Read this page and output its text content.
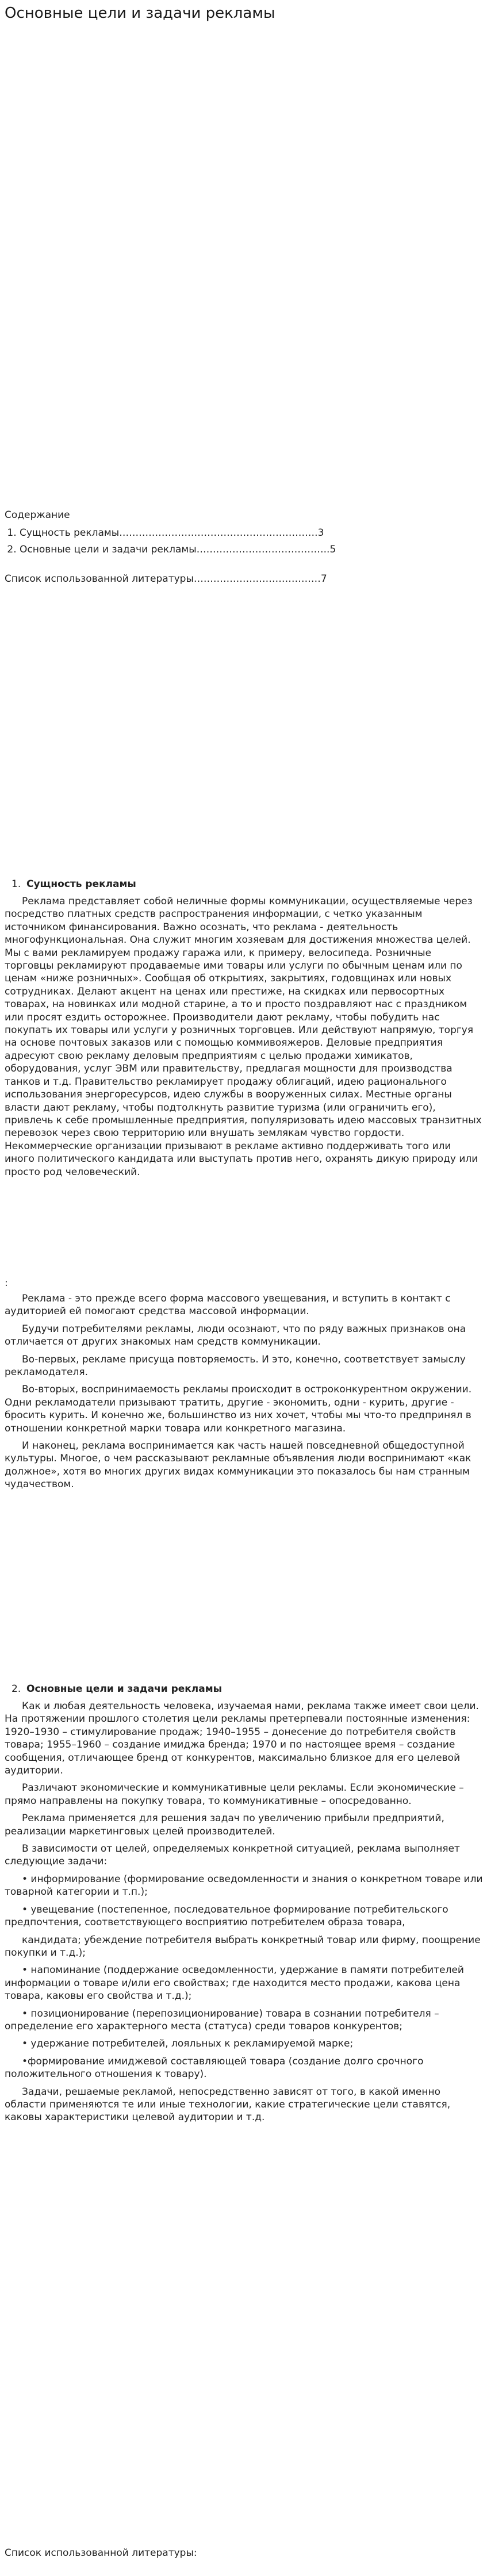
Основные цели и задачи рекламы
Содержание
1. Сущность рекламы…………………………………………………….3
2. Основные цели и задачи рекламы…………………………………..5
Список использованной литературы…………………………………7
1. Сущность рекламы

Реклама представляет собой неличные формы коммуникации, осуществляемые через посредство платных средств распространения информации, с четко указанным источником финансирования. Важно осознать, что реклама - деятельность многофункциональная. Она служит многим хозяевам для достижения множества целей. Мы с вами рекламируем продажу гаража или, к примеру, велосипеда. Розничные торговцы рекламируют продаваемые ими товары или услуги по обычным ценам или по ценам «ниже розничных». Сообщая об открытиях, закрытиях, годовщинах или новых сотрудниках. Делают акцент на ценах или престиже, на скидках или первосортных товарах, на новинках или модной старине, а то и просто поздравляют нас с праздником или просят ездить осторожнее. Производители дают рекламу, чтобы побудить нас покупать их товары или услуги у розничных торговцев. Или действуют напрямую, торгуя на основе почтовых заказов или с помощью коммивояжеров. Деловые предприятия адресуют свою рекламу деловым предприятиям с целью продажи химикатов, оборудования, услуг ЭВМ или правительству, предлагая мощности для производства танков и т.д. Правительство рекламирует продажу облигаций, идею рационального использования энергоресурсов, идею службы в вооруженных силах. Местные органы власти дают рекламу, чтобы подтолкнуть развитие туризма (или ограничить его), привлечь к себе промышленные предприятия, популяризовать идею массовых транзитных перевозок через свою территорию или внушать землякам чувство гордости. Некоммерческие организации призывают в рекламе активно поддерживать того или иного политического кандидата или выступать против него, охранять дикую природу или просто род человеческий.

:

Реклама - это прежде всего форма массового увещевания, и вступить в контакт с аудиторией ей помогают средства массовой информации.

Будучи потребителями рекламы, люди осознают, что по ряду важных признаков она отличается от других знакомых нам средств коммуникации.

Во-первых, рекламе присуща повторяемость. И это, конечно, соответствует замыслу рекламодателя.

Во-вторых, воспринимаемость рекламы происходит в остроконкурентном окружении. Одни рекламодатели призывают тратить, другие - экономить, одни - курить, другие - бросить курить. И конечно же, большинство из них хочет, чтобы мы что-то предпринял в отношении конкретной марки товара или конкретного магазина.

И наконец, реклама воспринимается как часть нашей повседневной общедоступной культуры. Многое, о чем рассказывают рекламные объявления люди воспринимают «как должное», хотя во многих других видах коммуникации это показалось бы нам странным чудачеством.

2. Основные цели и задачи рекламы

Как и любая деятельность человека, изучаемая нами, реклама также имеет свои цели. На протяжении прошлого столетия цели рекламы претерпевали постоянные изменения: 1920–1930 – стимулирование продаж; 1940–1955 – донесение до потребителя свойств товара; 1955–1960 – создание имиджа бренда; 1970 и по настоящее время – создание сообщения, отличающее бренд от конкурентов, максимально близкое для его целевой аудитории.

Различают экономические и коммуникативные цели рекламы. Если экономические – прямо направлены на покупку товара, то коммуникативные – опосредованно.

Реклама применяется для решения задач по увеличению прибыли предприятий, реализации маркетинговых целей производителей.

В зависимости от целей, определяемых конкретной ситуацией, реклама выполняет следующие задачи:

• информирование (формирование осведомленности и знания о конкретном товаре или товарной категории и т.п.);

• увещевание (постепенное, последовательное формирование потребительского предпочтения, соответствующего восприятию потребителем образа товара,

кандидата; убеждение потребителя выбрать конкретный товар или фирму, поощрение покупки и т.д.);

• напоминание (поддержание осведомленности, удержание в памяти потребителей информации о товаре и/или его свойствах; где находится место продажи, какова цена товара, каковы его свойства и т.д.);

• позиционирование (перепозиционирование) товара в сознании потребителя – определение его характерного места (статуса) среди товаров конкурентов;

• удержание потребителей, лояльных к рекламируемой марке;

•формирование имиджевой составляющей товара (создание долго срочного положительного отношения к товару).

Задачи, решаемые рекламой, непосредственно зависят от того, в какой именно области применяются те или иные технологии, какие стратегические цели ставятся, каковы характеристики целевой аудитории и т.д.

Список использованной литературы:
